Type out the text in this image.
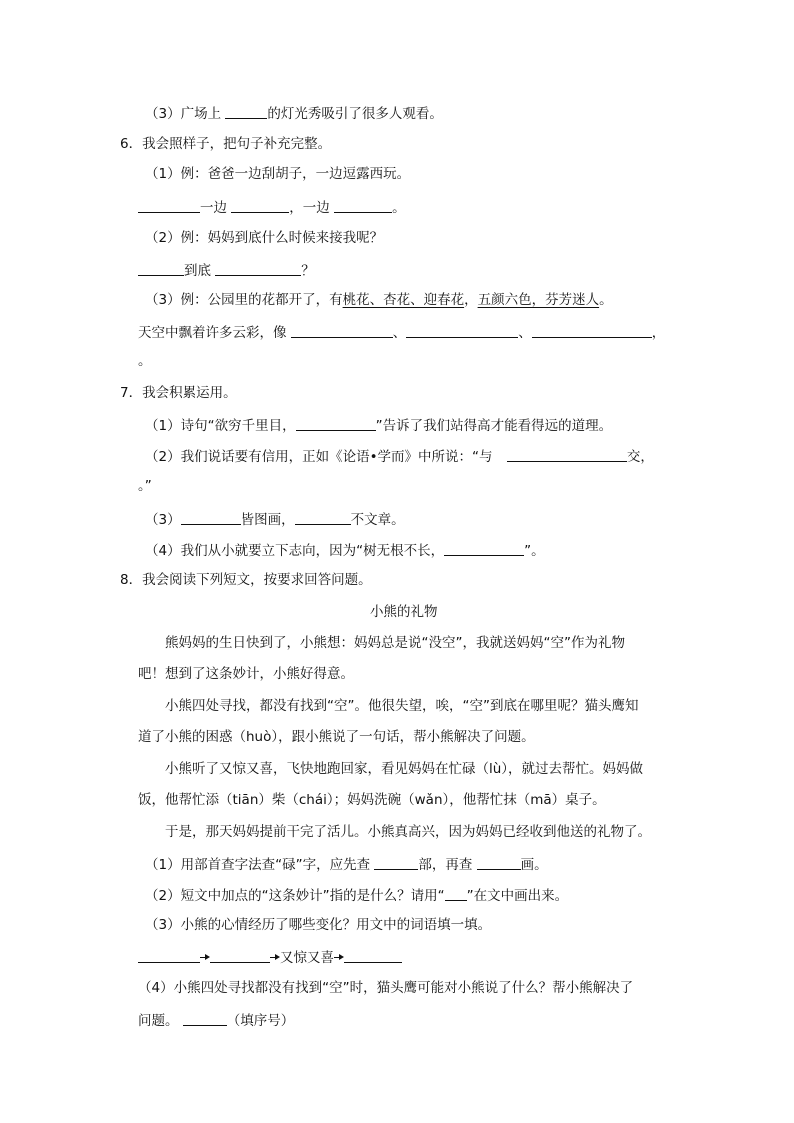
（3）广场上	的灯光秀吸引了很多人观看。
6．我会照样子，把句子补充完整。
（1）例：爸爸一边刮胡子，一边逗露西玩。
一边	，一边	。
（2）例：妈妈到底什么时候来接我呢？
到底	？
（3）例：公园里的花都开了，有桃花、杏花、迎春花，五颜六色，芬芳迷人。
天空中飘着许多云彩，像	、	、	，
。
7．我会积累运用。
（1）诗句“欲穷千里目，	”告诉了我们站得高才能看得远的道理。
（2）我们说话要有信用，正如《论语•学而》中所说：“与	交，
。”
（3）	皆图画，	不文章。
（4）我们从小就要立下志向，因为“树无根不长，	”。
8．我会阅读下列短文，按要求回答问题。
小熊的礼物
熊妈妈的生日快到了，小熊想：妈妈总是说“没空”，我就送妈妈“空”作为礼物
吧！想到了这条妙计，小熊好得意。
小熊四处寻找，都没有找到“空”。他很失望，唉，“空”到底在哪里呢？猫头鹰知
道了小熊的困惑（huò），跟小熊说了一句话，帮小熊解决了问题。
小熊听了又惊又喜，飞快地跑回家，看见妈妈在忙碌（lù），就过去帮忙。妈妈做
饭，他帮忙添（tiān）柴（chái）；妈妈洗碗（wǎn），他帮忙抹（mā）桌子。
于是，那天妈妈提前干完了活儿。小熊真高兴，因为妈妈已经收到他送的礼物了。
（1）用部首查字法查“碌”字，应先查	部，再查	画。
（2）短文中加点的“这条妙计”指的是什么？请用“ ”在文中画出来。
（3）小熊的心情经历了哪些变化？用文中的词语填一填。
又惊又喜
（4）小熊四处寻找都没有找到“空”时，猫头鹰可能对小熊说了什么？帮小熊解决了
问题。	（填序号）
